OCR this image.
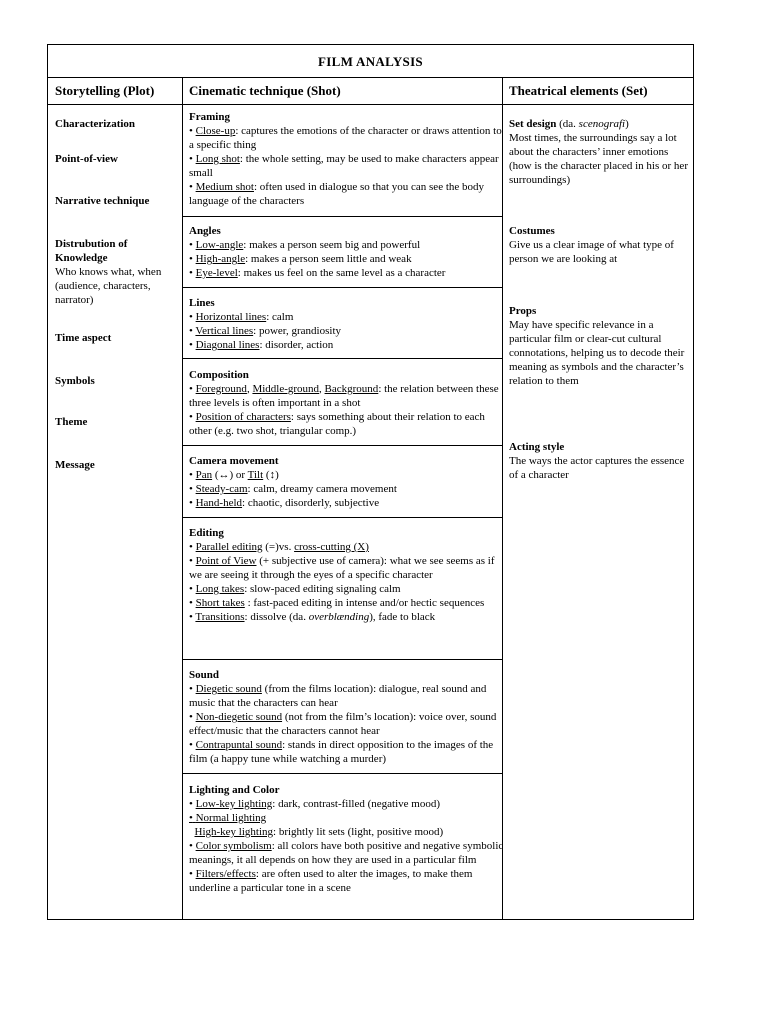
FILM ANALYSIS
Storytelling (Plot)	Cinematic technique (Shot)	Theatrical elements (Set)
Characterization
Point-of-view
Narrative technique
Distrubution of Knowledge
Who knows what, when (audience, characters, narrator)
Time aspect
Symbols
Theme
Message
Framing
• Close-up: captures the emotions of the character or draws attention to a specific thing
• Long shot: the whole setting, may be used to make characters appear small
• Medium shot: often used in dialogue so that you can see the body language of the characters
Angles
• Low-angle: makes a person seem big and powerful
• High-angle: makes a person seem little and weak
• Eye-level: makes us feel on the same level as a character
Lines
• Horizontal lines: calm
• Vertical lines: power, grandiosity
• Diagonal lines: disorder, action
Composition
• Foreground, Middle-ground, Background: the relation between these three levels is often important in a shot
• Position of characters: says something about their relation to each other (e.g. two shot, triangular comp.)
Camera movement
• Pan (↔) or Tilt (↕)
• Steady-cam: calm, dreamy camera movement
• Hand-held: chaotic, disorderly, subjective
Editing
• Parallel editing (=)vs. cross-cutting (X)
• Point of View (+ subjective use of camera): what we see seems as if we are seeing it through the eyes of a specific character
• Long takes: slow-paced editing signaling calm
• Short takes : fast-paced editing in intense and/or hectic sequences
• Transitions: dissolve (da. overblænding), fade to black
Sound
• Diegetic sound (from the films location): dialogue, real sound and music that the characters can hear
• Non-diegetic sound (not from the film’s location): voice over, sound effect/music that the characters cannot hear
• Contrapuntal sound: stands in direct opposition to the images of the film (a happy tune while watching a murder)
Lighting and Color
• Low-key lighting: dark, contrast-filled (negative mood)
• Normal lighting
High-key lighting: brightly lit sets (light, positive mood)
• Color symbolism: all colors have both positive and negative symbolic meanings, it all depends on how they are used in a particular film
• Filters/effects: are often used to alter the images, to make them underline a particular tone in a scene
Set design (da. scenografi)
Most times, the surroundings say a lot about the characters’ inner emotions (how is the character placed in his or her surroundings)
Costumes
Give us a clear image of what type of person we are looking at
Props
May have specific relevance in a particular film or clear-cut cultural connotations, helping us to decode their meaning as symbols and the character’s relation to them
Acting style
The ways the actor captures the essence of a character
